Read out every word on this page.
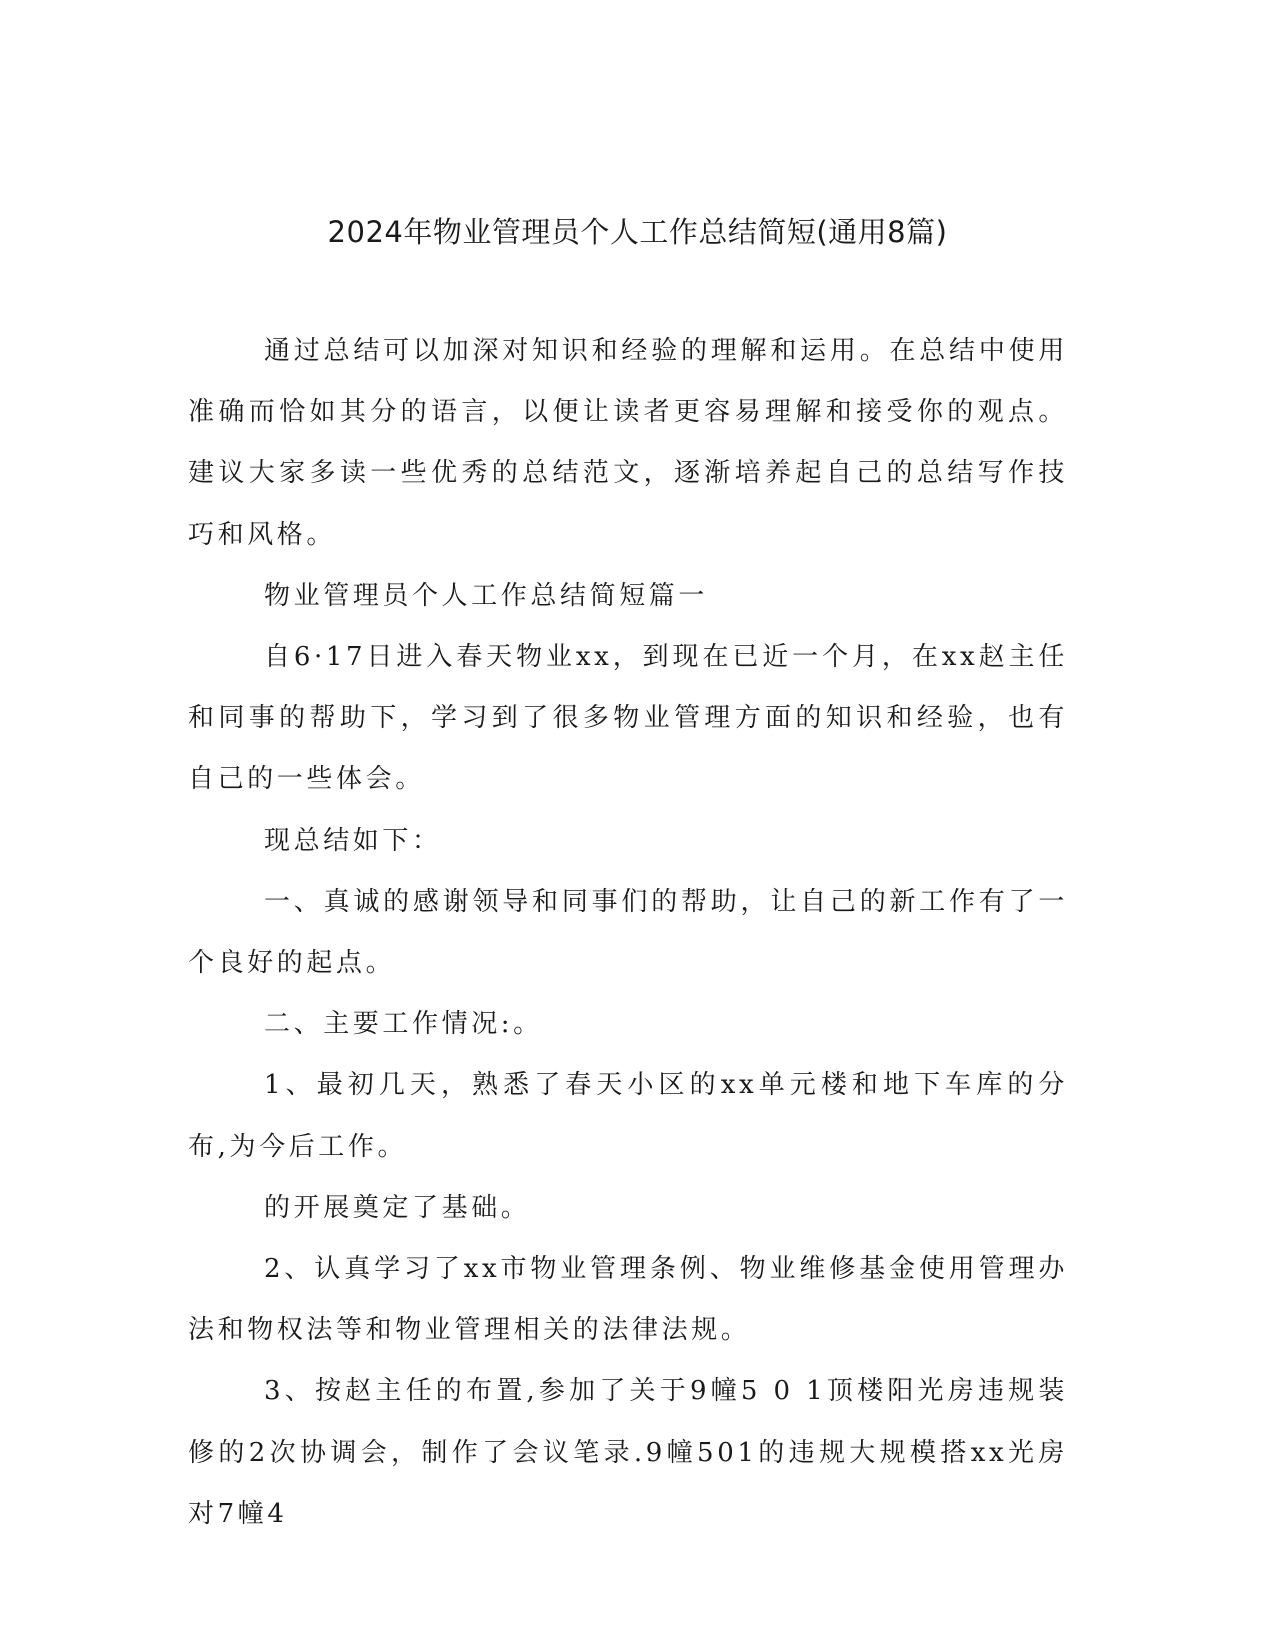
2024年物业管理员个人工作总结简短(通用8篇)

通过总结可以加深对知识和经验的理解和运用。在总结中使用准确而恰如其分的语言，以便让读者更容易理解和接受你的观点。建议大家多读一些优秀的总结范文，逐渐培养起自己的总结写作技巧和风格。

物业管理员个人工作总结简短篇一

自6·17日进入春天物业xx，到现在已近一个月，在xx赵主任和同事的帮助下，学习到了很多物业管理方面的知识和经验，也有自己的一些体会。

现总结如下：

一、真诚的感谢领导和同事们的帮助，让自己的新工作有了一个良好的起点。

二、主要工作情况:。

1、最初几天，熟悉了春天小区的xx单元楼和地下车库的分布,为今后工作。

的开展奠定了基础。

2、认真学习了xx市物业管理条例、物业维修基金使用管理办法和物权法等和物业管理相关的法律法规。

3、按赵主任的布置,参加了关于9幢5 0 1顶楼阳光房违规装修的2次协调会，制作了会议笔录.9幢501的违规大规模搭xx光房对7幢4
